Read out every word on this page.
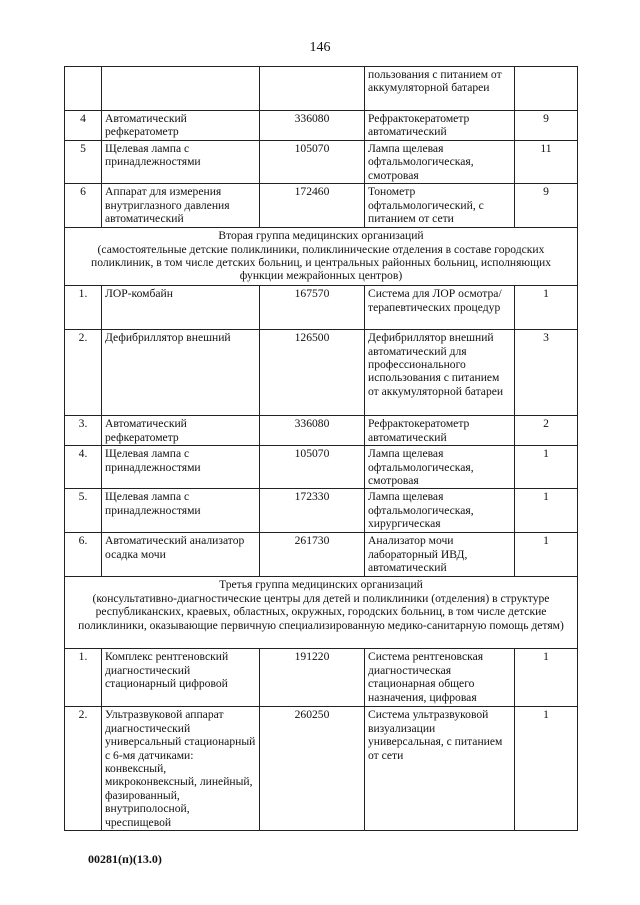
146
			пользования с питанием от аккумуляторной батареи	
4	Автоматический рефкератометр	336080	Рефрактокератометр автоматический	9
5	Щелевая лампа с принадлежностями	105070	Лампа щелевая офтальмологическая, смотровая	11
6	Аппарат для измерения внутриглазного давления автоматический	172460	Тонометр офтальмологический, с питанием от сети	9

Вторая группа медицинских организаций
(самостоятельные детские поликлиники, поликлинические отделения в составе городских поликлиник, в том числе детских больниц, и центральных районных больниц, исполняющих функции межрайонных центров)				

1.	ЛОР-комбайн	167570	Система для ЛОР осмотра/терапевтических процедур	1
2.	Дефибриллятор внешний	126500	Дефибриллятор внешний автоматический для профессионального использования с питанием от аккумуляторной батареи	3
3.	Автоматический рефкератометр	336080	Рефрактокератометр автоматический	2
4.	Щелевая лампа с принадлежностями	105070	Лампа щелевая офтальмологическая, смотровая	1
5.	Щелевая лампа с принадлежностями	172330	Лампа щелевая офтальмологическая, хирургическая	1
6.	Автоматический анализатор осадка мочи	261730	Анализатор мочи лабораторный ИВД, автоматический	1

Третья группа медицинских организаций
(консультативно-диагностические центры для детей и поликлиники (отделения) в структуре республиканских, краевых, областных, окружных, городских больниц, в том числе детские поликлиники, оказывающие первичную специализированную медико-санитарную помощь детям)				

1.	Комплекс рентгеновский диагностический стационарный цифровой	191220	Система рентгеновская диагностическая стационарная общего назначения, цифровая	1
2.	Ультразвуковой аппарат диагностический универсальный стационарный с 6-мя датчиками: конвексный, микроконвексный, линейный, фазированный, внутриполосной, чреспищевой	260250	Система ультразвуковой визуализации универсальная, с питанием от сети	1
00281(п)(13.0)
